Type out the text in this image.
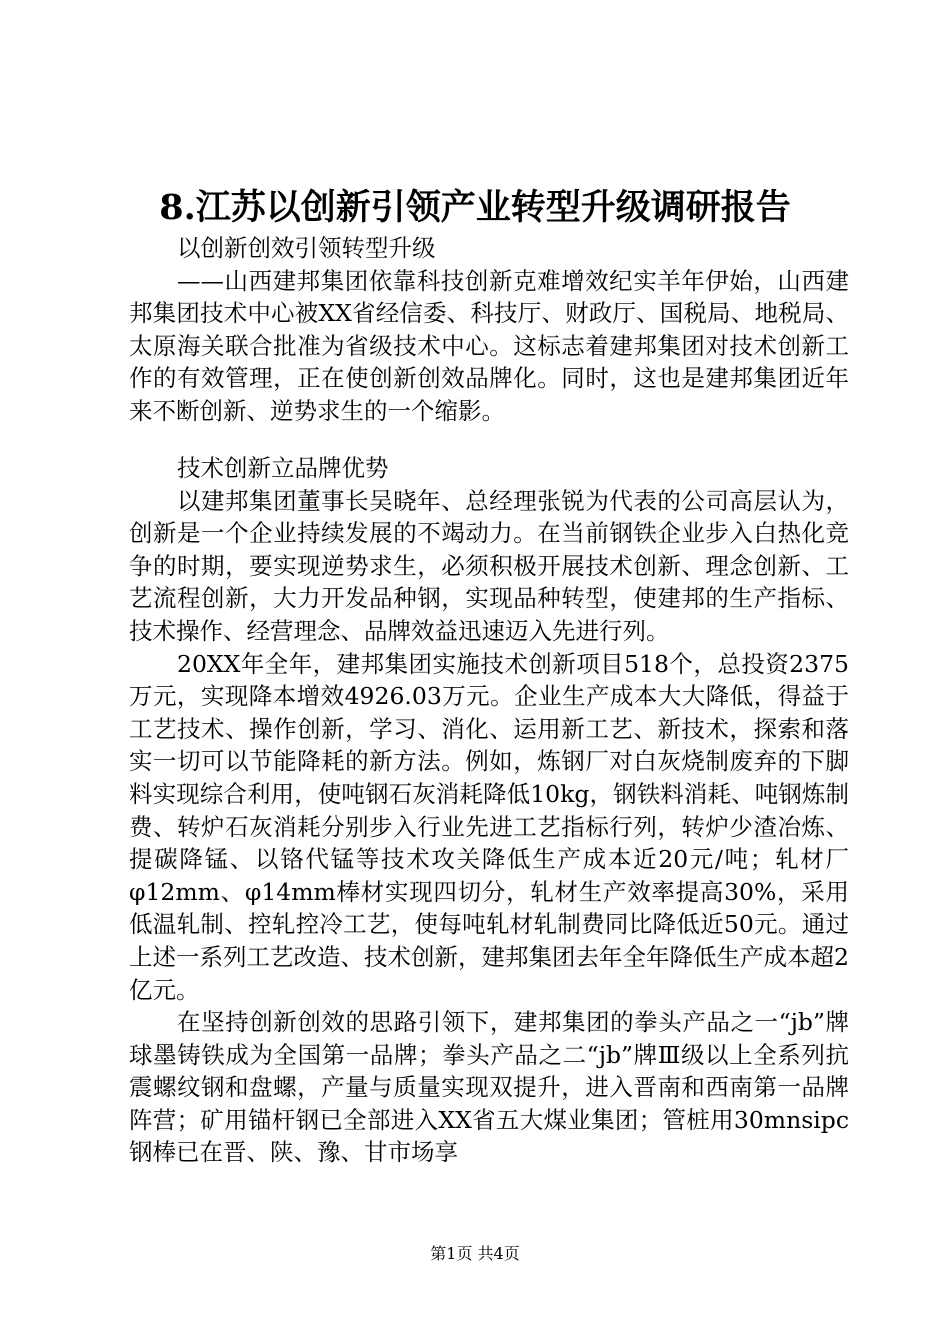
8.江苏以创新引领产业转型升级调研报告

以创新创效引领转型升级

——山西建邦集团依靠科技创新克难增效纪实羊年伊始，山西建邦集团技术中心被XX省经信委、科技厅、财政厅、国税局、地税局、太原海关联合批准为省级技术中心。这标志着建邦集团对技术创新工作的有效管理，正在使创新创效品牌化。同时，这也是建邦集团近年来不断创新、逆势求生的一个缩影。

技术创新立品牌优势

以建邦集团董事长吴晓年、总经理张锐为代表的公司高层认为，创新是一个企业持续发展的不竭动力。在当前钢铁企业步入白热化竞争的时期，要实现逆势求生，必须积极开展技术创新、理念创新、工艺流程创新，大力开发品种钢，实现品种转型，使建邦的生产指标、技术操作、经营理念、品牌效益迅速迈入先进行列。

20XX年全年，建邦集团实施技术创新项目518个，总投资2375万元，实现降本增效4926.03万元。企业生产成本大大降低，得益于工艺技术、操作创新，学习、消化、运用新工艺、新技术，探索和落实一切可以节能降耗的新方法。例如，炼钢厂对白灰烧制废弃的下脚料实现综合利用，使吨钢石灰消耗降低10kg，钢铁料消耗、吨钢炼制费、转炉石灰消耗分别步入行业先进工艺指标行列，转炉少渣冶炼、提碳降锰、以铬代锰等技术攻关降低生产成本近20元/吨；轧材厂φ12mm、φ14mm棒材实现四切分，轧材生产效率提高30%，采用低温轧制、控轧控冷工艺，使每吨轧材轧制费同比降低近50元。通过上述一系列工艺改造、技术创新，建邦集团去年全年降低生产成本超2亿元。

在坚持创新创效的思路引领下，建邦集团的拳头产品之一“jb”牌球墨铸铁成为全国第一品牌；拳头产品之二“jb”牌Ⅲ级以上全系列抗震螺纹钢和盘螺，产量与质量实现双提升，进入晋南和西南第一品牌阵营；矿用锚杆钢已全部进入XX省五大煤业集团；管桩用30mnsipc钢棒已在晋、陕、豫、甘市场享

第1页 共4页
